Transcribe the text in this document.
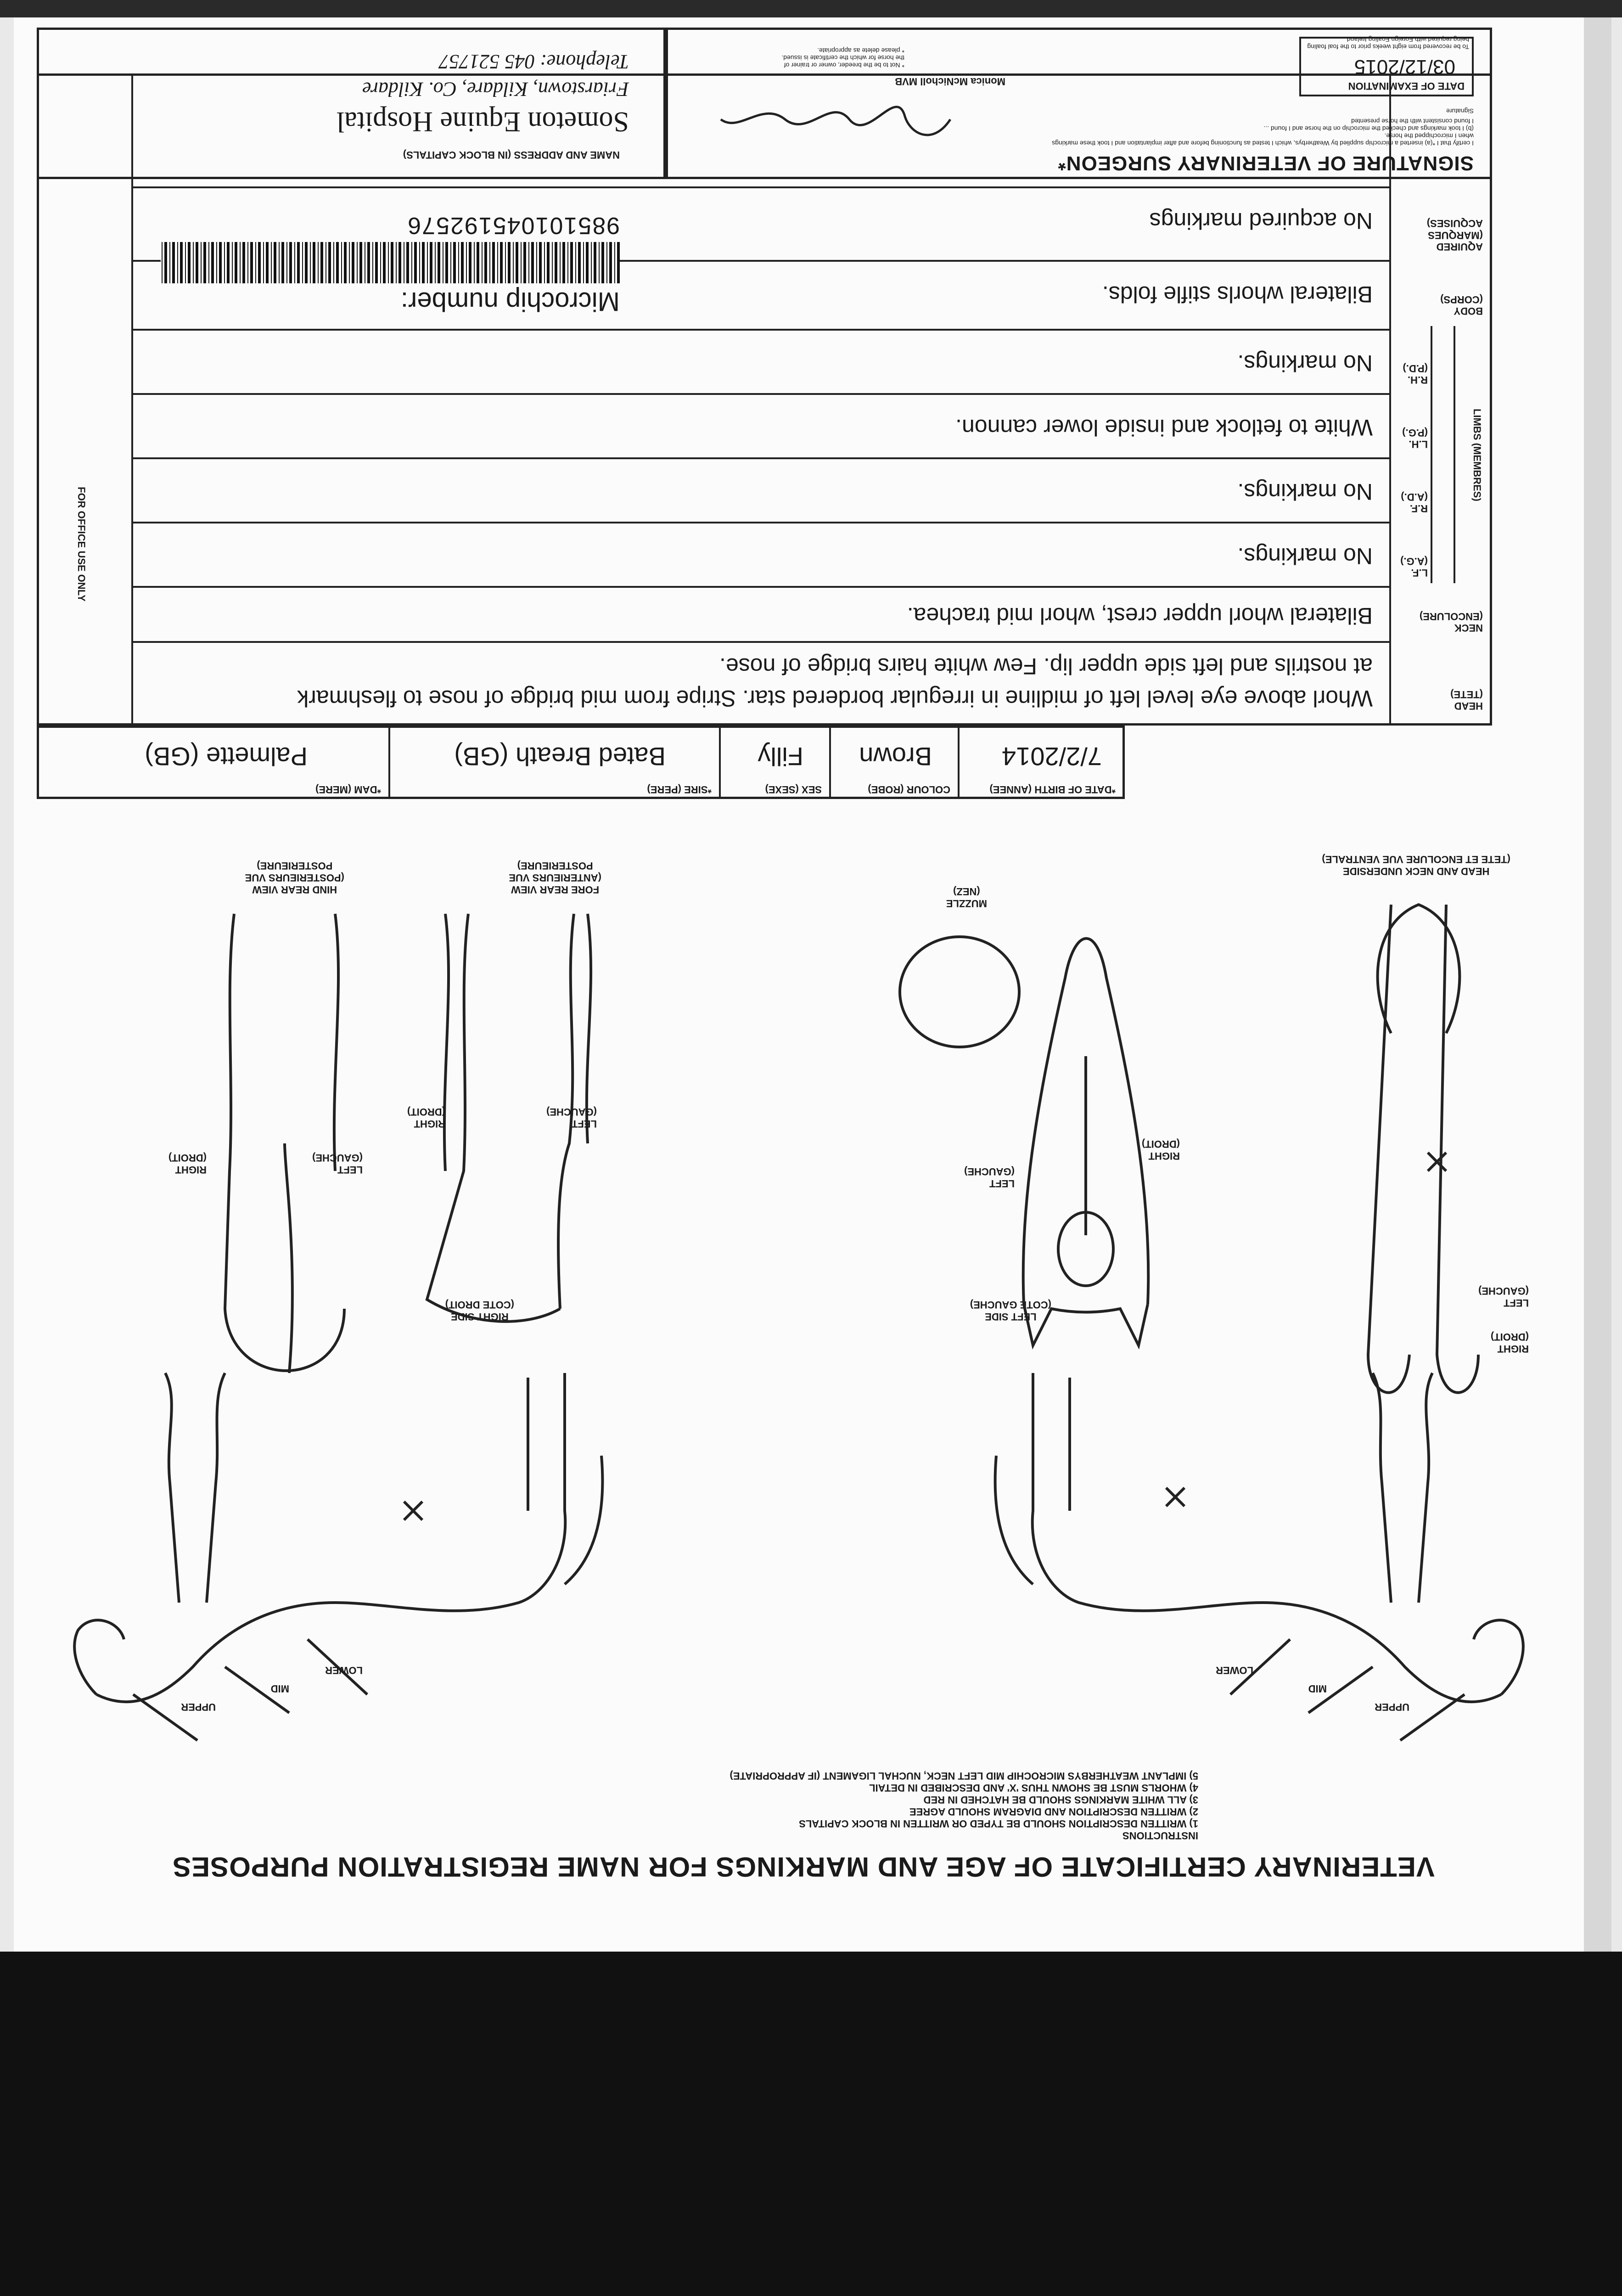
VETERINARY CERTIFICATE OF AGE AND MARKINGS FOR NAME REGISTRATION PURPOSES
INSTRUCTIONS
1) WRITTEN DESCRIPTION SHOULD BE TYPED OR WRITTEN IN BLOCK CAPITALS
2) WRITTEN DESCRIPTION AND DIAGRAM SHOULD AGREE
3) ALL WHITE MARKINGS SHOULD BE HATCHED IN RED
4) WHORLS MUST BE SHOWN THUS 'X' AND DESCRIBED IN DETAIL
5) IMPLANT WEATHERBYS MICROCHIP MID LEFT NECK, NUCHAL LIGAMENT (IF APPROPRIATE)
UPPER
MID
LOWER
LEFT SIDE
(COTE GAUCHE)
UPPER
MID
LOWER
RIGHT SIDE
(COTE DROIT)	LEFT
(GAUCHE)
RIGHT
(DROIT)
HEAD AND NECK UNDERSIDE
(TETE ET ENCOLURE VUE VENTRALE)
LEFT
(GAUCHE)
RIGHT
(DROIT)
MUZZLE
(NEZ)
LEFT
(GAUCHE)
RIGHT
(DROIT)
FORE REAR VIEW
(ANTERIEURS VUE
POSTERIEURE)
LEFT
(GAUCHE)
RIGHT
(DROIT)
HIND REAR VIEW
(POSTERIEURS VUE
POSTERIEURE)
*DATE OF BIRTH (ANNEE)
7/2/2014
COLOUR (ROBE)
Brown
SEX (SEXE)
Filly
*SIRE (PERE)
Bated Breath (GB)
*DAM (MERE)
Palmette (GB)
FOR OFFICE USE ONLY
HEAD
(TETE)
Whorl above eye level left of midline in irregular bordered star. Stripe from mid bridge of nose to fleshmark
at nostrils and left side upper lip. Few white hairs bridge of nose.
NECK
(ENCOLURE)
Bilateral whorl upper crest, whorl mid trachea.
LIMBS (MEMBRES)
L.F.
(A.G.)
No markings.
R.F.
(A.D.)
No markings.
L.H.
(P.G.)
White to fetlock and inside lower cannon.
R.H.
(P.D.)
No markings.
BODY
(CORPS)
Bilateral whorls stifle folds.
AQUIRED
(MARQUES ACQUISES)
No acquired markings
Microchip number:
985101045192576
SIGNATURE OF VETERINARY SURGEON*
I certify that I *(a) inserted a microchip supplied by Weatherbys, which I tested as functioning before and after implantation and I took these markings
when I microchipped the horse.
(b) I took markings and checked the microchip on the horse and I found ...
I found consistent with the horse presented
Signature
Monica McNicholl MVB
* Not to be the breeder, owner or trainer of
the horse for which the certificate is issued.
* please delete as appropriate.
DATE OF EXAMINATION
03/12/2015
To be recovered from eight weeks prior to the foal foaling
being required with Foreign Foaling Ireland
NAME AND ADDRESS (IN BLOCK CAPITALS)
Someton Equine Hospital
Friarstown, Kildare, Co. Kildare
Telephone: 045 521757
